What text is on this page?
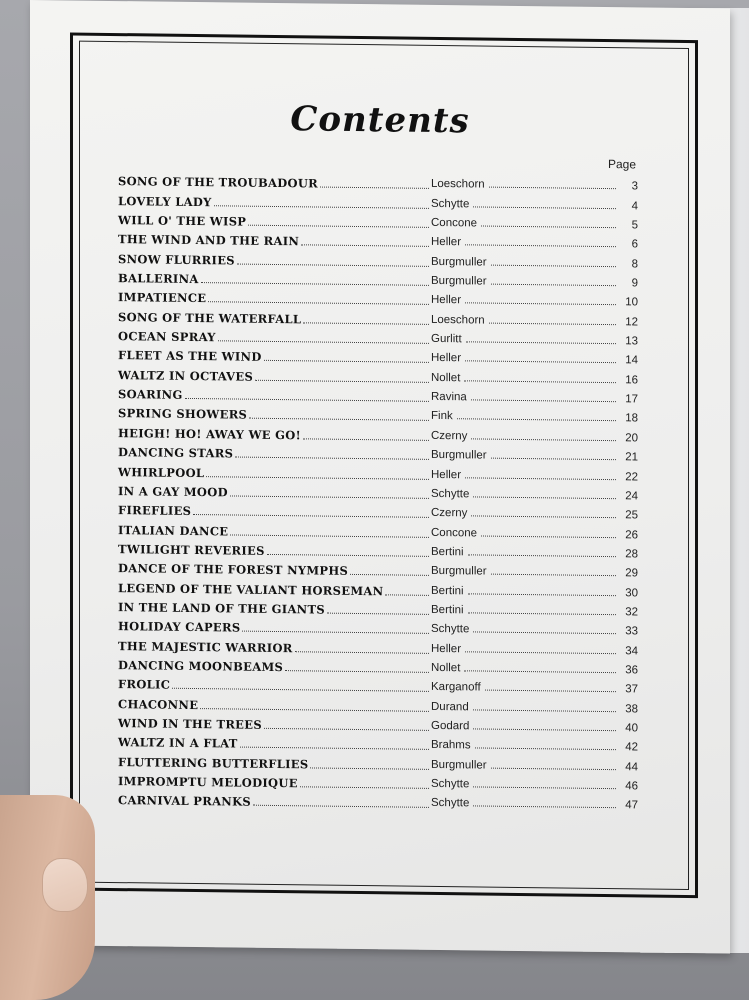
Contents
Page
SONG OF THE TROUBADOUR	Loeschorn	3
LOVELY LADY	Schytte	4
WILL O' THE WISP	Concone	5
THE WIND AND THE RAIN	Heller	6
SNOW FLURRIES	Burgmuller	8
BALLERINA	Burgmuller	9
IMPATIENCE	Heller	10
SONG OF THE WATERFALL	Loeschorn	12
OCEAN SPRAY	Gurlitt	13
FLEET AS THE WIND	Heller	14
WALTZ IN OCTAVES	Nollet	16
SOARING	Ravina	17
SPRING SHOWERS	Fink	18
HEIGH! HO! AWAY WE GO!	Czerny	20
DANCING STARS	Burgmuller	21
WHIRLPOOL	Heller	22
IN A GAY MOOD	Schytte	24
FIREFLIES	Czerny	25
ITALIAN DANCE	Concone	26
TWILIGHT REVERIES	Bertini	28
DANCE OF THE FOREST NYMPHS	Burgmuller	29
LEGEND OF THE VALIANT HORSEMAN	Bertini	30
IN THE LAND OF THE GIANTS	Bertini	32
HOLIDAY CAPERS	Schytte	33
THE MAJESTIC WARRIOR	Heller	34
DANCING MOONBEAMS	Nollet	36
FROLIC	Karganoff	37
CHACONNE	Durand	38
WIND IN THE TREES	Godard	40
WALTZ IN A FLAT	Brahms	42
FLUTTERING BUTTERFLIES	Burgmuller	44
IMPROMPTU MELODIQUE	Schytte	46
CARNIVAL PRANKS	Schytte	47
